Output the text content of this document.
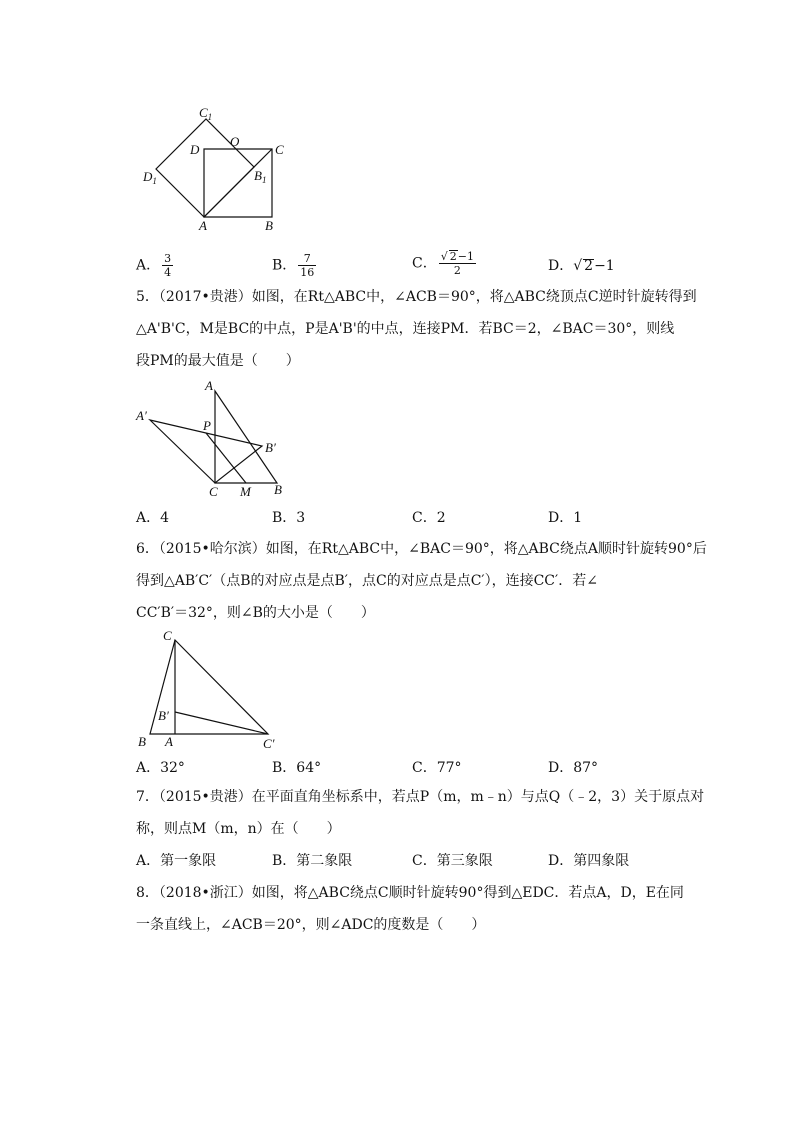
$C_1$
D
O
C
$B_1$
$D_1$
A	B
A． $\frac{3}{4}$	B． $\frac{7}{16}$	C． $\frac{√ 2-1}{2}$	D．√ 2−1
5．（2017•贵港）如图，在Rt△ABC中，∠ACB＝90°，将△ABC绕顶点C逆时针旋转得到
△A'B'C，M是BC的中点，P是A'B'的中点，连接PM．若BC＝2，∠BAC＝30°，则线
段PM的最大值是（　　）
A
A′
P
B′
C M B
A．4	B．3	C．2	D．1
6．（2015•哈尔滨）如图，在Rt△ABC中，∠BAC＝90°，将△ABC绕点A顺时针旋转90°后
得到△AB′C′（点B的对应点是点B′，点C的对应点是点C′），连接CC′．若∠
CC′B′＝32°，则∠B的大小是（　　）
C
B′
B A	C′
A．32°	B．64°	C．77°	D．87°
7．（2015•贵港）在平面直角坐标系中，若点P（m，m﹣n）与点Q（﹣2，3）关于原点对
称，则点M（m，n）在（　　）
A．第一象限	B．第二象限	C．第三象限	D．第四象限
8．（2018•浙江）如图，将△ABC绕点C顺时针旋转90°得到△EDC．若点A，D，E在同
一条直线上，∠ACB＝20°，则∠ADC的度数是（　　）
